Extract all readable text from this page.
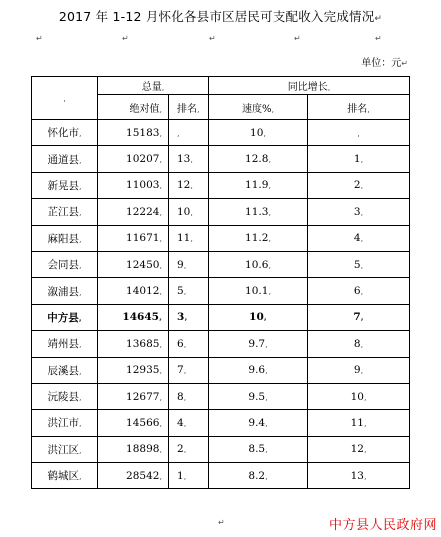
2017 年 1-12 月怀化各县市区居民可支配收入完成情况↵
↵	↵	↵	↵	↵
单位：元↵
,	总量,		同比增长,	
	绝对值,	排名,	速度%,	排名,
怀化市,	15183,	,	10,	,
通道县,	10207,	13,	12.8,	1,
新晃县,	11003,	12,	11.9,	2,
芷江县,	12224,	10,	11.3,	3,
麻阳县,	11671,	11,	11.2,	4,
会同县,	12450,	9,	10.6,	5,
溆浦县,	14012,	5,	10.1,	6,
中方县,	14645,	3,	10,	7,
靖州县,	13685,	6,	9.7,	8,
辰溪县,	12935,	7,	9.6,	9,
沅陵县,	12677,	8,	9.5,	10,
洪江市,	14566,	4,	9.4,	11,
洪江区,	18898,	2,	8.5,	12,
鹤城区,	28542,	1,	8.2,	13,
↵	中方县人民政府网
